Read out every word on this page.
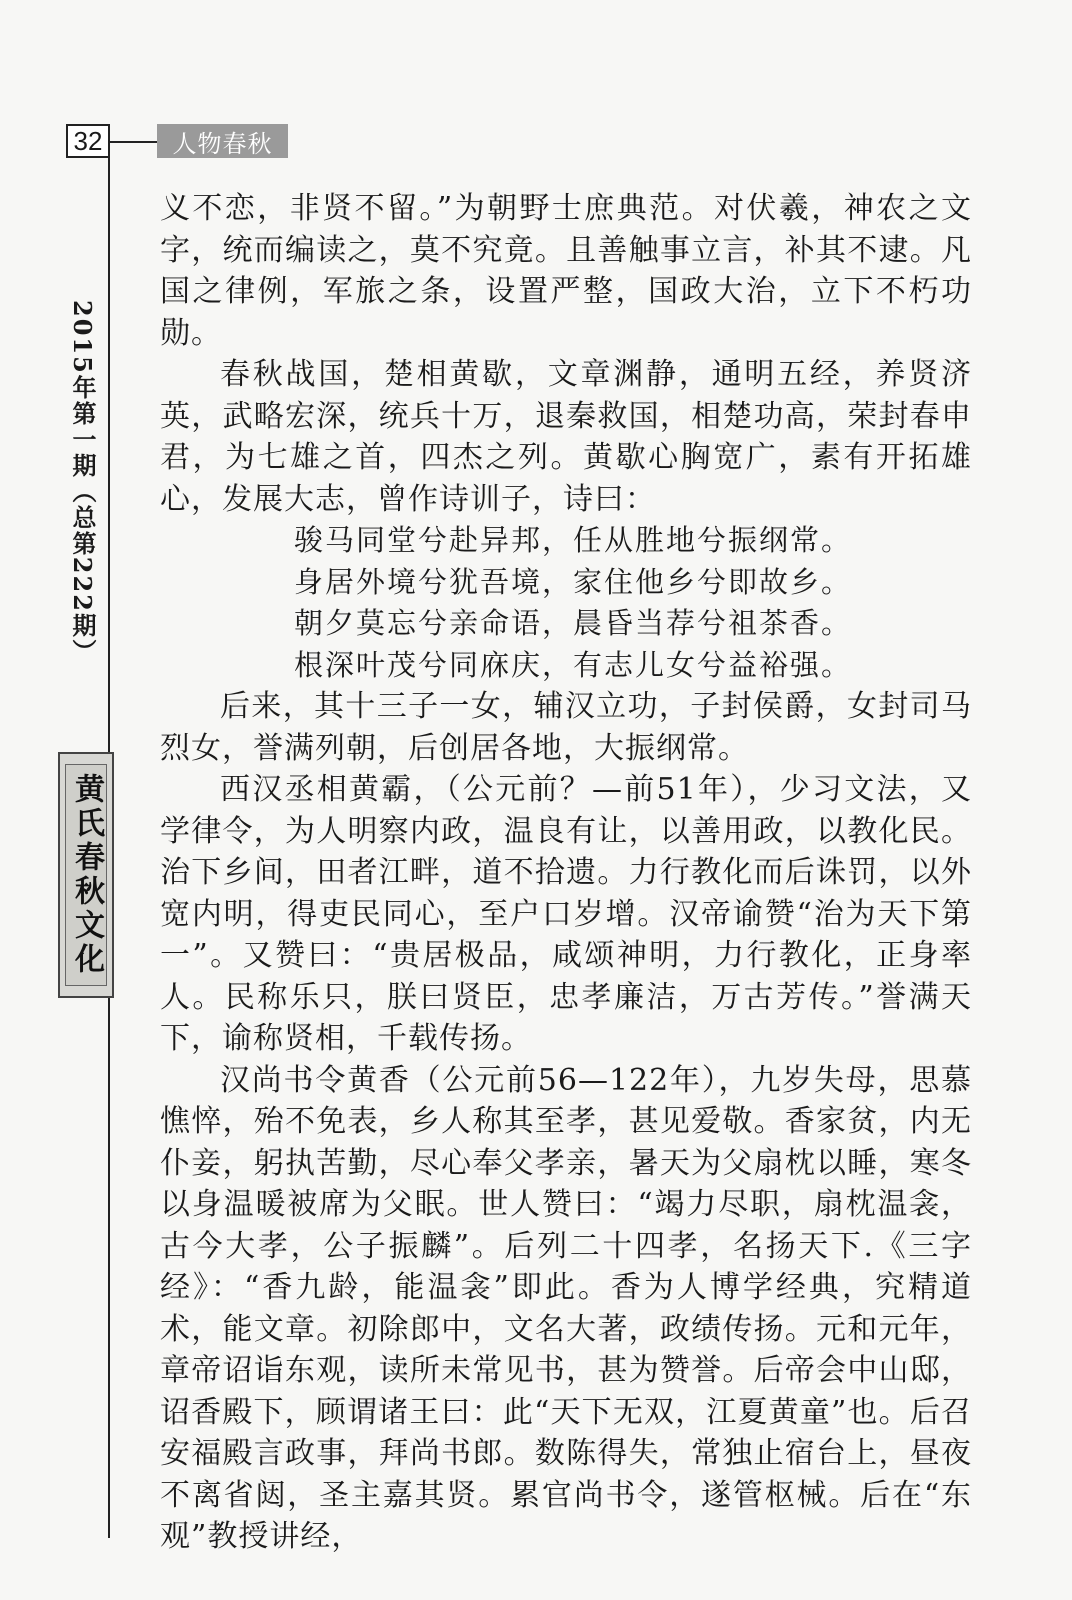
32	人物春秋
2015年第一期（总第222期）
黄氏春秋文化

义不恋，非贤不留。”为朝野士庶典范。对伏羲，神农之文字，统而编读之，莫不究竟。且善触事立言，补其不逮。凡国之律例，军旅之条，设置严整，国政大治，立下不朽功勋。

春秋战国，楚相黄歇，文章渊静，通明五经，养贤济英，武略宏深，统兵十万，退秦救国，相楚功高，荣封春申君，为七雄之首，四杰之列。黄歇心胸宽广，素有开拓雄心，发展大志，曾作诗训子，诗曰：

骏马同堂兮赴异邦，任从胜地兮振纲常。

身居外境兮犹吾境，家住他乡兮即故乡。

朝夕莫忘兮亲命语，晨昏当荐兮祖茶香。

根深叶茂兮同庥庆，有志儿女兮益裕强。

后来，其十三子一女，辅汉立功，子封侯爵，女封司马烈女，誉满列朝，后创居各地，大振纲常。

西汉丞相黄霸，（公元前？—前51年），少习文法，又学律令，为人明察内政，温良有让，以善用政，以教化民。治下乡间，田者江畔，道不拾遗。力行教化而后诛罚，以外宽内明，得吏民同心，至户口岁增。汉帝谕赞“治为天下第一”。又赞曰：“贵居极品，咸颂神明，力行教化，正身率人。民称乐只，朕曰贤臣，忠孝廉洁，万古芳传。”誉满天下，谕称贤相，千载传扬。

汉尚书令黄香（公元前56—122年），九岁失母，思慕憔悴，殆不免表，乡人称其至孝，甚见爱敬。香家贫，内无仆妾，躬执苦勤，尽心奉父孝亲，暑天为父扇枕以睡，寒冬以身温暖被席为父眠。世人赞曰：“竭力尽职，扇枕温衾，古今大孝，公子振麟”。后列二十四孝，名扬天下.《三字经》：“香九龄，能温衾”即此。香为人博学经典，究精道术，能文章。初除郎中，文名大著，政绩传扬。元和元年，章帝诏诣东观，读所未常见书，甚为赞誉。后帝会中山邸，诏香殿下，顾谓诸王曰：此“天下无双，江夏黄童”也。后召安福殿言政事，拜尚书郎。数陈得失，常独止宿台上，昼夜不离省闼，圣主嘉其贤。累官尚书令，遂管枢械。后在“东观”教授讲经，
